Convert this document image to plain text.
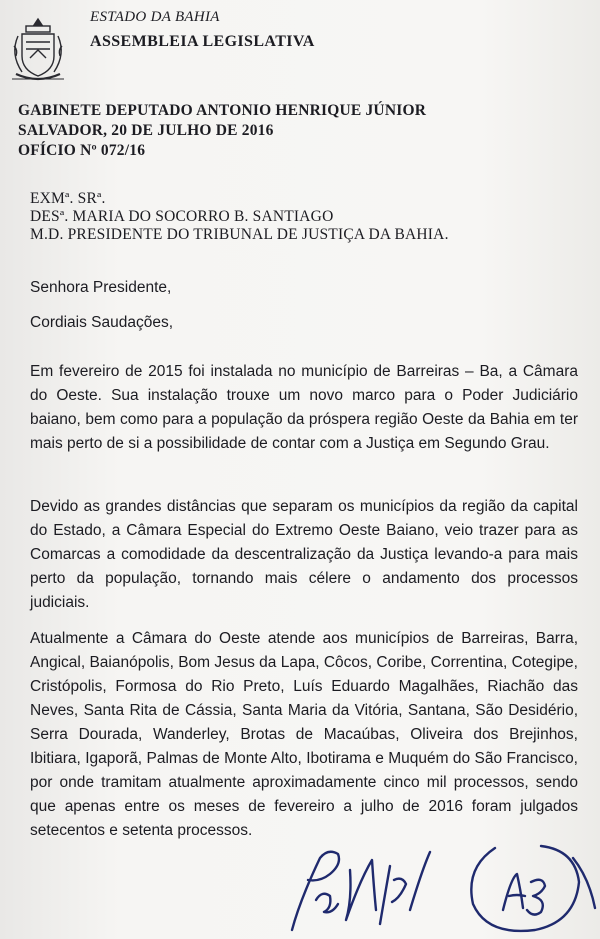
ESTADO DA BAHIA
ASSEMBLEIA LEGISLATIVA
GABINETE DEPUTADO ANTONIO HENRIQUE JÚNIOR
SALVADOR, 20 DE JULHO DE 2016
OFÍCIO Nº 072/16
EXMª. SRª.
DESª. MARIA DO SOCORRO B. SANTIAGO
M.D. PRESIDENTE DO TRIBUNAL DE JUSTIÇA DA BAHIA.
Senhora Presidente,
Cordiais Saudações,
Em fevereiro de 2015 foi instalada no município de Barreiras – Ba, a Câmara do Oeste. Sua instalação trouxe um novo marco para o Poder Judiciário baiano, bem como para a população da próspera região Oeste da Bahia em ter mais perto de si a possibilidade de contar com a Justiça em Segundo Grau.
Devido as grandes distâncias que separam os municípios da região da capital do Estado, a Câmara Especial do Extremo Oeste Baiano, veio trazer para as Comarcas a comodidade da descentralização da Justiça levando-a para mais perto da população, tornando mais célere o andamento dos processos judiciais.
Atualmente a Câmara do Oeste atende aos municípios de Barreiras, Barra, Angical, Baianópolis, Bom Jesus da Lapa, Côcos, Coribe, Correntina, Cotegipe, Cristópolis, Formosa do Rio Preto, Luís Eduardo Magalhães, Riachão das Neves, Santa Rita de Cássia, Santa Maria da Vitória, Santana, São Desidério, Serra Dourada, Wanderley, Brotas de Macaúbas, Oliveira dos Brejinhos, Ibitiara, Igaporã, Palmas de Monte Alto, Ibotirama e Muquém do São Francisco, por onde tramitam atualmente aproximadamente cinco mil processos, sendo que apenas entre os meses de fevereiro a julho de 2016 foram julgados setecentos e setenta processos.
